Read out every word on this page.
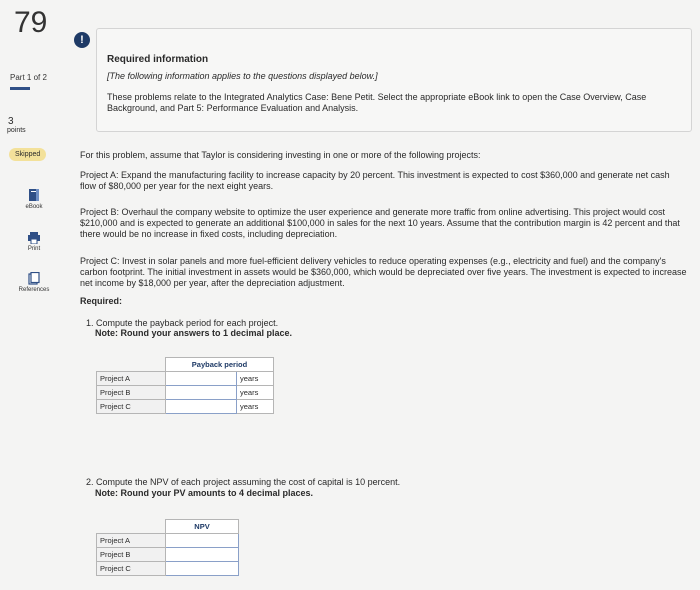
79
Part 1 of 2
3
points
Skipped
eBook
Print
References
!
Required information
[The following information applies to the questions displayed below.]
These problems relate to the Integrated Analytics Case: Bene Petit. Select the appropriate eBook link to open the Case Overview, Case Background, and Part 5: Performance Evaluation and Analysis.
For this problem, assume that Taylor is considering investing in one or more of the following projects:
Project A: Expand the manufacturing facility to increase capacity by 20 percent. This investment is expected to cost $360,000 and generate net cash flow of $80,000 per year for the next eight years.
Project B: Overhaul the company website to optimize the user experience and generate more traffic from online advertising. This project would cost $210,000 and is expected to generate an additional $100,000 in sales for the next 10 years. Assume that the contribution margin is 42 percent and that there would be no increase in fixed costs, including depreciation.
Project C: Invest in solar panels and more fuel-efficient delivery vehicles to reduce operating expenses (e.g., electricity and fuel) and the company's carbon footprint. The initial investment in assets would be $360,000, which would be depreciated over five years. The investment is expected to increase net income by $18,000 per year, after the depreciation adjustment.
Required:
1. Compute the payback period for each project.
Note: Round your answers to 1 decimal place.
	Payback period	
Project A		years
Project B		years
Project C		years
2. Compute the NPV of each project assuming the cost of capital is 10 percent.
Note: Round your PV amounts to 4 decimal places.
	NPV
Project A	
Project B	
Project C	
